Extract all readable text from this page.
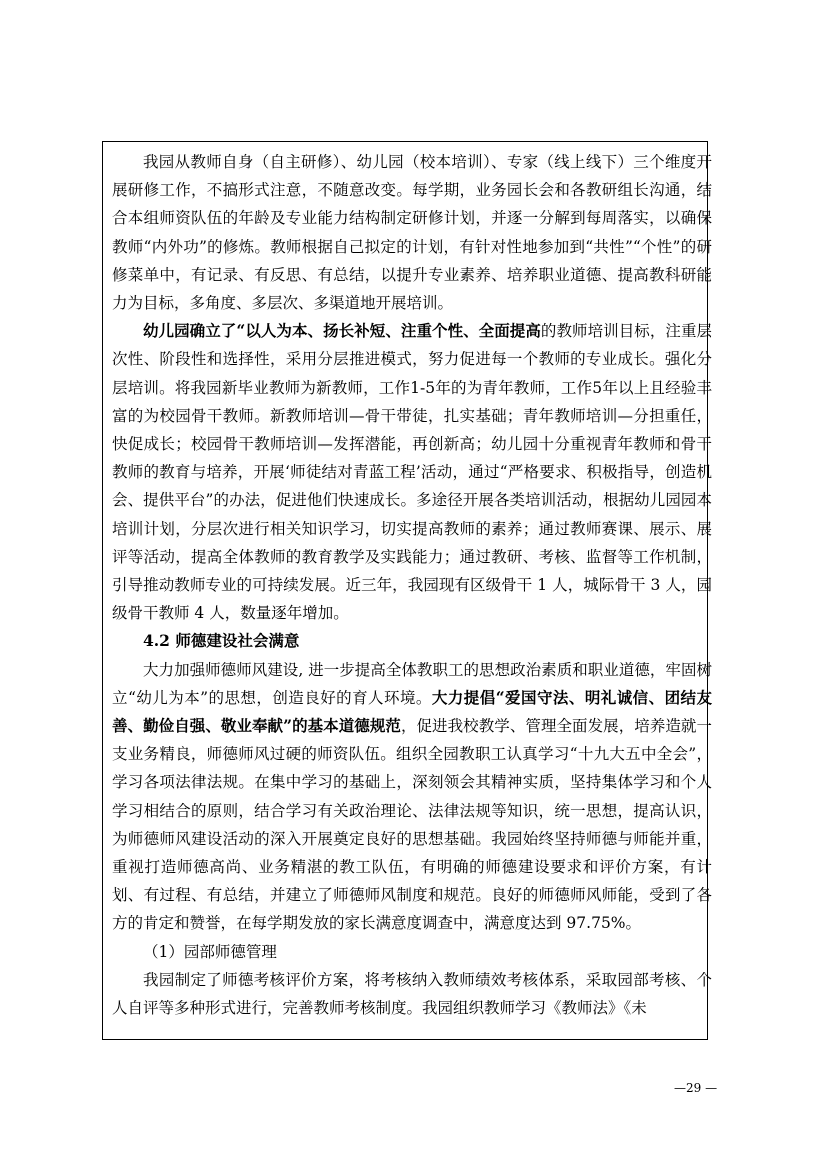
我园从教师自身（自主研修）、幼儿园（校本培训）、专家（线上线下）三个维度开展研修工作，不搞形式注意，不随意改变。每学期，业务园长会和各教研组长沟通，结合本组师资队伍的年龄及专业能力结构制定研修计划，并逐一分解到每周落实，以确保教师“内外功”的修炼。教师根据自己拟定的计划，有针对性地参加到“共性”“个性”的研修菜单中，有记录、有反思、有总结，以提升专业素养、培养职业道德、提高教科研能力为目标，多角度、多层次、多渠道地开展培训。

幼儿园确立了“以人为本、扬长补短、注重个性、全面提高的教师培训目标，注重层次性、阶段性和选择性，采用分层推进模式，努力促进每一个教师的专业成长。强化分层培训。将我园新毕业教师为新教师，工作1-5年的为青年教师，工作5年以上且经验丰富的为校园骨干教师。新教师培训—骨干带徒，扎实基础；青年教师培训—分担重任，快促成长；校园骨干教师培训—发挥潜能，再创新高；幼儿园十分重视青年教师和骨干教师的教育与培养，开展‘师徒结对青蓝工程’活动，通过“严格要求、积极指导，创造机会、提供平台”的办法，促进他们快速成长。多途径开展各类培训活动，根据幼儿园园本培训计划，分层次进行相关知识学习，切实提高教师的素养；通过教师赛课、展示、展评等活动，提高全体教师的教育教学及实践能力；通过教研、考核、监督等工作机制，引导推动教师专业的可持续发展。近三年，我园现有区级骨干 1 人，城际骨干 3 人，园级骨干教师 4 人，数量逐年增加。

4.2 师德建设社会满意

大力加强师德师风建设, 进一步提高全体教职工的思想政治素质和职业道德，牢固树立“幼儿为本”的思想，创造良好的育人环境。大力提倡“爱国守法、明礼诚信、团结友善、勤俭自强、敬业奉献”的基本道德规范，促进我校教学、管理全面发展，培养造就一支业务精良，师德师风过硬的师资队伍。组织全园教职工认真学习“十九大五中全会”，学习各项法律法规。在集中学习的基础上，深刻领会其精神实质，坚持集体学习和个人学习相结合的原则，结合学习有关政治理论、法律法规等知识，统一思想，提高认识，为师德师风建设活动的深入开展奠定良好的思想基础。我园始终坚持师德与师能并重，重视打造师德高尚、业务精湛的教工队伍，有明确的师德建设要求和评价方案，有计划、有过程、有总结，并建立了师德师风制度和规范。良好的师德师风师能，受到了各方的肯定和赞誉，在每学期发放的家长满意度调查中，满意度达到 97.75%。

（1）园部师德管理

我园制定了师德考核评价方案，将考核纳入教师绩效考核体系，采取园部考核、个人自评等多种形式进行，完善教师考核制度。我园组织教师学习《教师法》《未

—29 —
